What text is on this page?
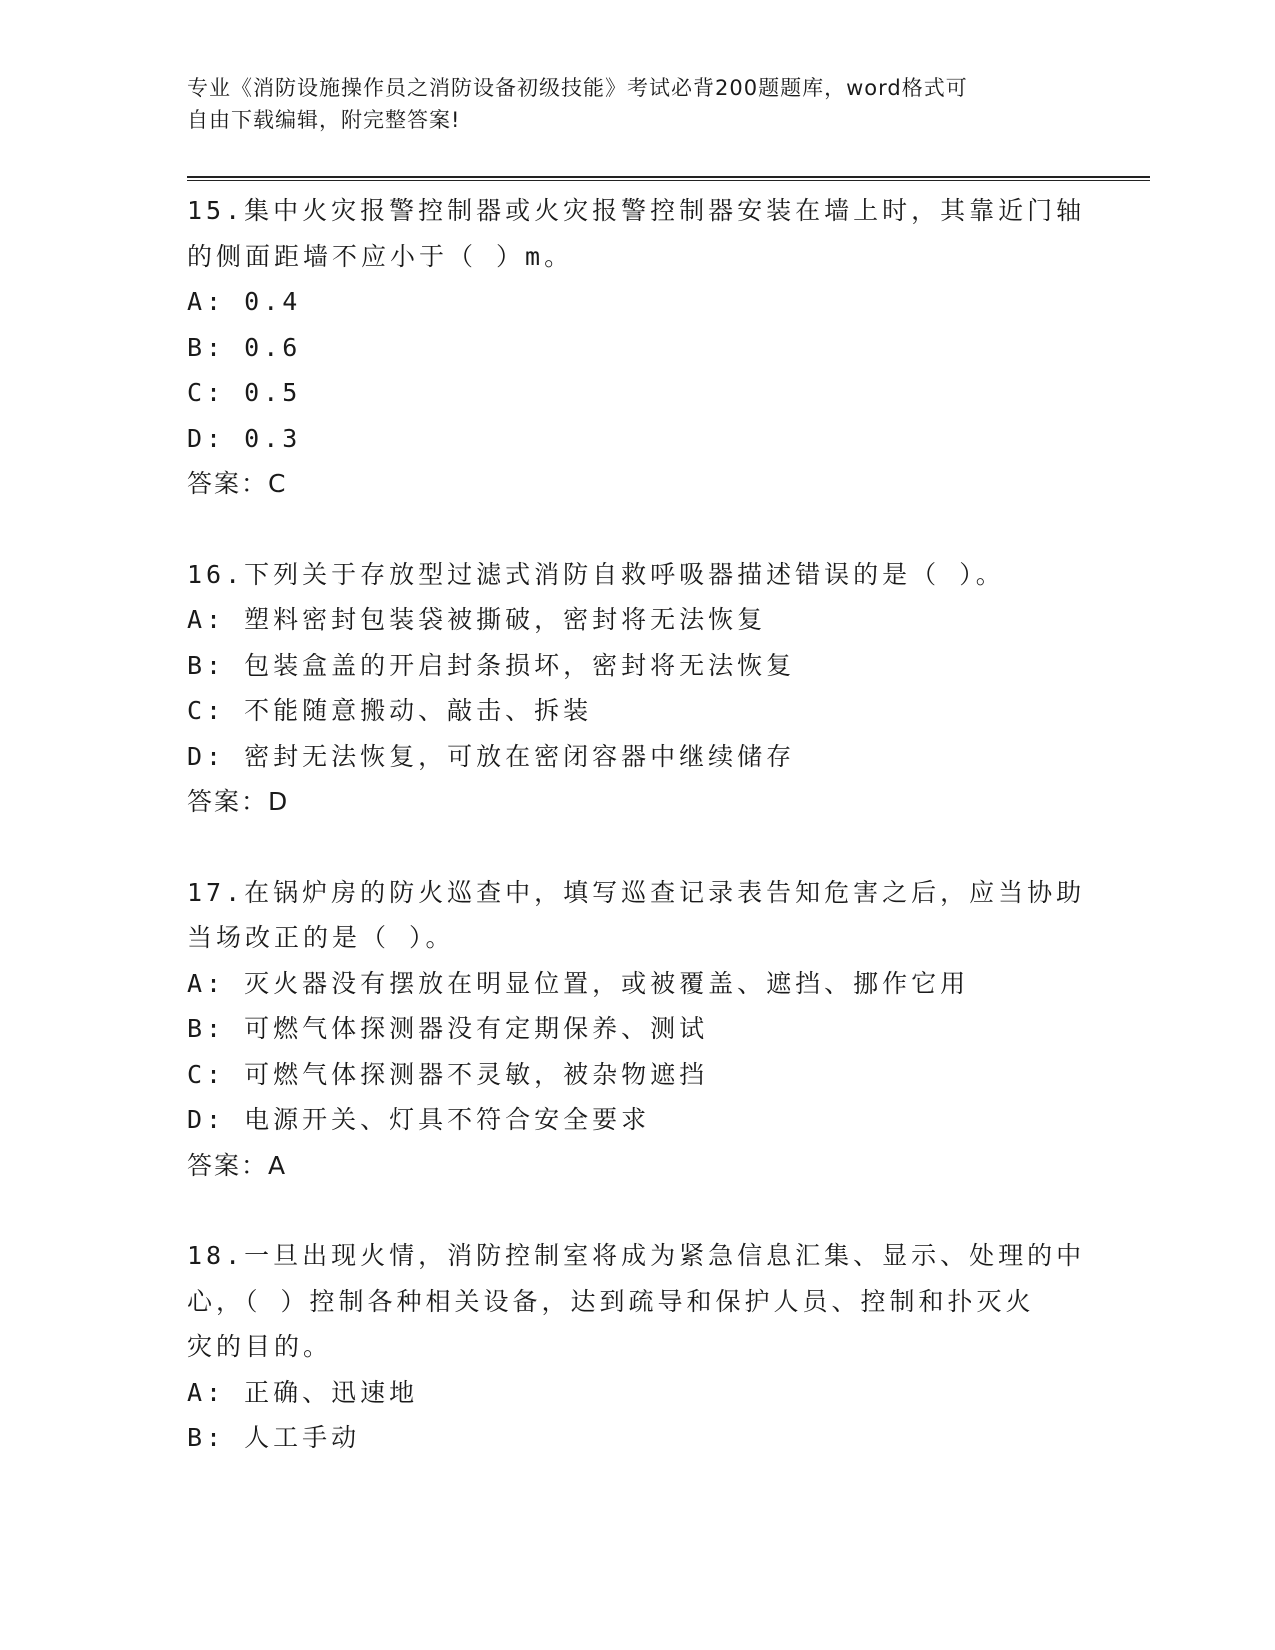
专业《消防设施操作员之消防设备初级技能》考试必背200题题库，word格式可
自由下载编辑，附完整答案!
15.集中火灾报警控制器或火灾报警控制器安装在墙上时，其靠近门轴
的侧面距墙不应小于（ ）m。
A: 0.4
B: 0.6
C: 0.5
D: 0.3
答案：C
16.下列关于存放型过滤式消防自救呼吸器描述错误的是（ ）。
A: 塑料密封包装袋被撕破，密封将无法恢复
B: 包装盒盖的开启封条损坏，密封将无法恢复
C: 不能随意搬动、敲击、拆装
D: 密封无法恢复，可放在密闭容器中继续储存
答案：D
17.在锅炉房的防火巡查中，填写巡查记录表告知危害之后，应当协助
当场改正的是（ ）。
A: 灭火器没有摆放在明显位置，或被覆盖、遮挡、挪作它用
B: 可燃气体探测器没有定期保养、测试
C: 可燃气体探测器不灵敏，被杂物遮挡
D: 电源开关、灯具不符合安全要求
答案：A
18.一旦出现火情，消防控制室将成为紧急信息汇集、显示、处理的中
心，（ ）控制各种相关设备，达到疏导和保护人员、控制和扑灭火
灾的目的。
A: 正确、迅速地
B: 人工手动
